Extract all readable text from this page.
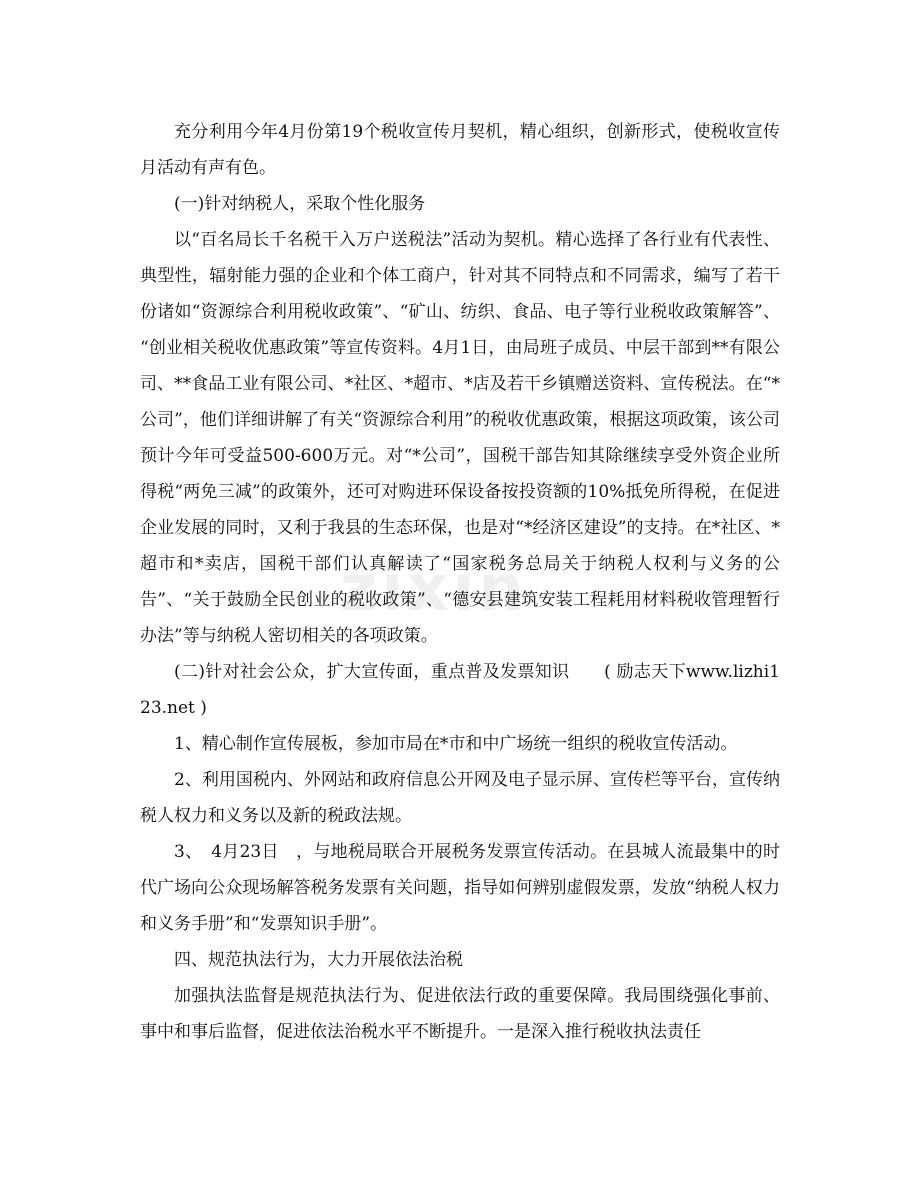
充分利用今年4月份第19个税收宣传月契机，精心组织，创新形式，使税收宣传月活动有声有色。

(一)针对纳税人，采取个性化服务

以“百名局长千名税干入万户送税法”活动为契机。精心选择了各行业有代表性、典型性，辐射能力强的企业和个体工商户，针对其不同特点和不同需求，编写了若干份诸如“资源综合利用税收政策”、“矿山、纺织、食品、电子等行业税收政策解答”、 “创业相关税收优惠政策”等宣传资料。4月1日，由局班子成员、中层干部到**有限公司、**食品工业有限公司、*社区、*超市、*店及若干乡镇赠送资料、宣传税法。在“*公司”，他们详细讲解了有关“资源综合利用”的税收优惠政策，根据这项政策，该公司预计今年可受益500-600万元。对“*公司”，国税干部告知其除继续享受外资企业所得税“两免三减”的政策外，还可对购进环保设备按投资额的10%抵免所得税，在促进企业发展的同时，又利于我县的生态环保，也是对“*经济区建设”的支持。在*社区、*超市和*卖店，国税干部们认真解读了“国家税务总局关于纳税人权利与义务的公告”、“关于鼓励全民创业的税收政策”、“德安县建筑安装工程耗用材料税收管理暂行办法”等与纳税人密切相关的各项政策。

(二)针对社会公众，扩大宣传面，重点普及发票知识　　( 励志天下www.lizhi123.net )

1、精心制作宣传展板，参加市局在*市和中广场统一组织的税收宣传活动。

2、利用国税内、外网站和政府信息公开网及电子显示屏、宣传栏等平台，宣传纳税人权力和义务以及新的税政法规。

3、　4月23日　，与地税局联合开展税务发票宣传活动。在县城人流最集中的时代广场向公众现场解答税务发票有关问题，指导如何辨别虚假发票，发放“纳税人权力和义务手册”和“发票知识手册”。

四、规范执法行为，大力开展依法治税

加强执法监督是规范执法行为、促进依法行政的重要保障。我局围绕强化事前、事中和事后监督，促进依法治税水平不断提升。一是深入推行税收执法责任

zixin
